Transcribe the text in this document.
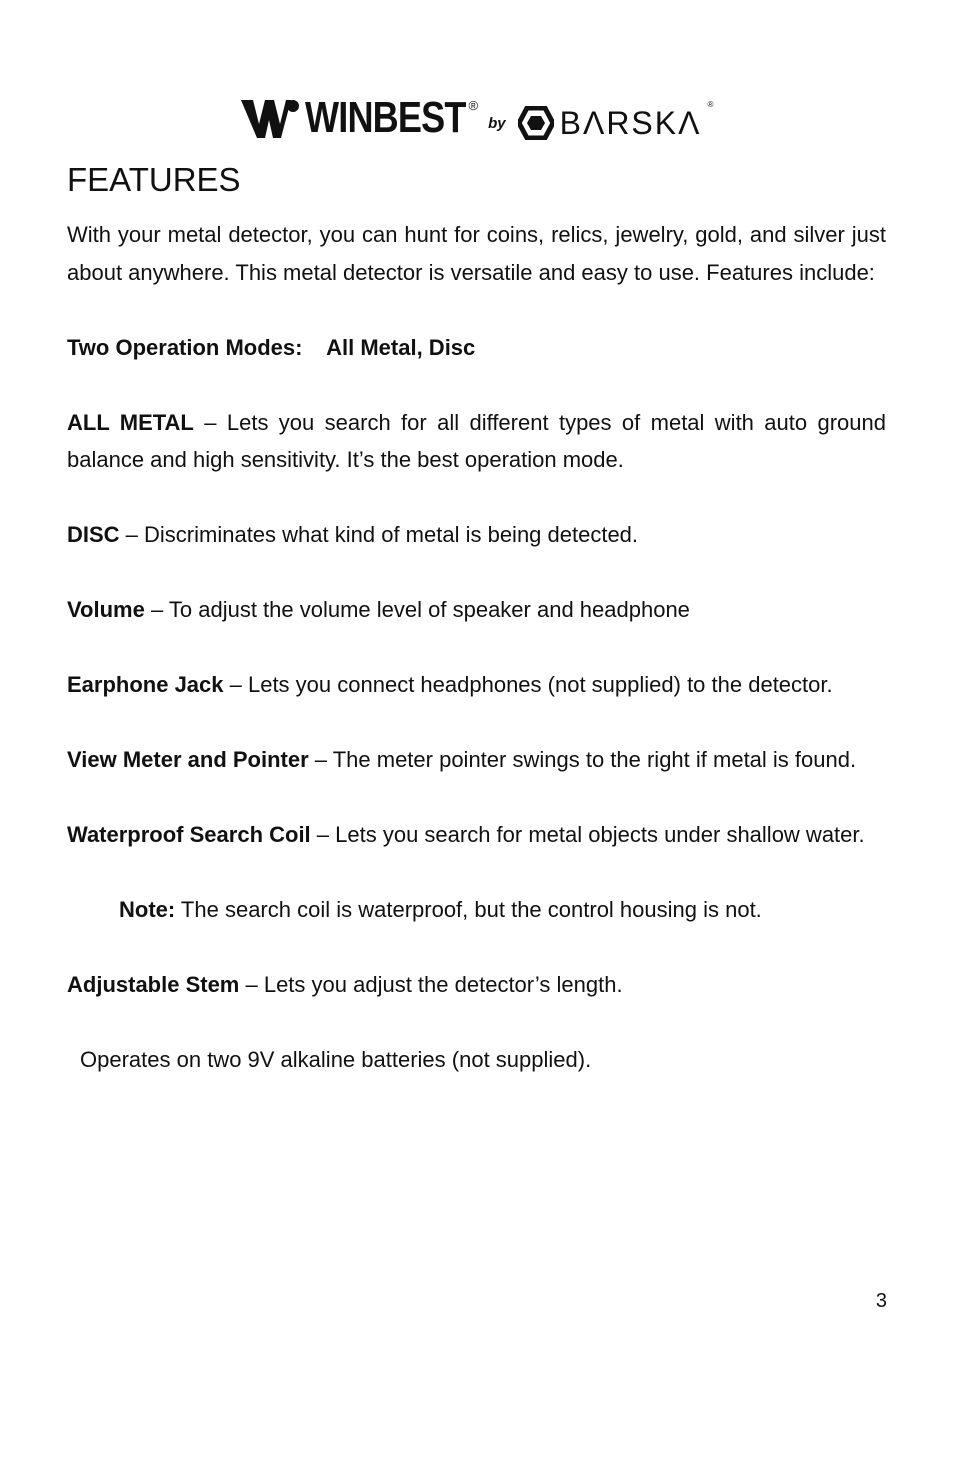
WINBEST ®
by BΛRSKΛ
®
FEATURES

With your metal detector, you can hunt for coins, relics, jewelry, gold, and silver just about anywhere. This metal detector is versatile and easy to use. Features include:

Two Operation Modes: All Metal, Disc

ALL METAL – Lets you search for all different types of metal with auto ground balance and high sensitivity. It’s the best operation mode.

DISC – Discriminates what kind of metal is being detected.

Volume – To adjust the volume level of speaker and headphone

Earphone Jack – Lets you connect headphones (not supplied) to the detector.

View Meter and Pointer – The meter pointer swings to the right if metal is found.

Waterproof Search Coil – Lets you search for metal objects under shallow water.

Note: The search coil is waterproof, but the control housing is not.

Adjustable Stem – Lets you adjust the detector’s length.

Operates on two 9V alkaline batteries (not supplied).

3
